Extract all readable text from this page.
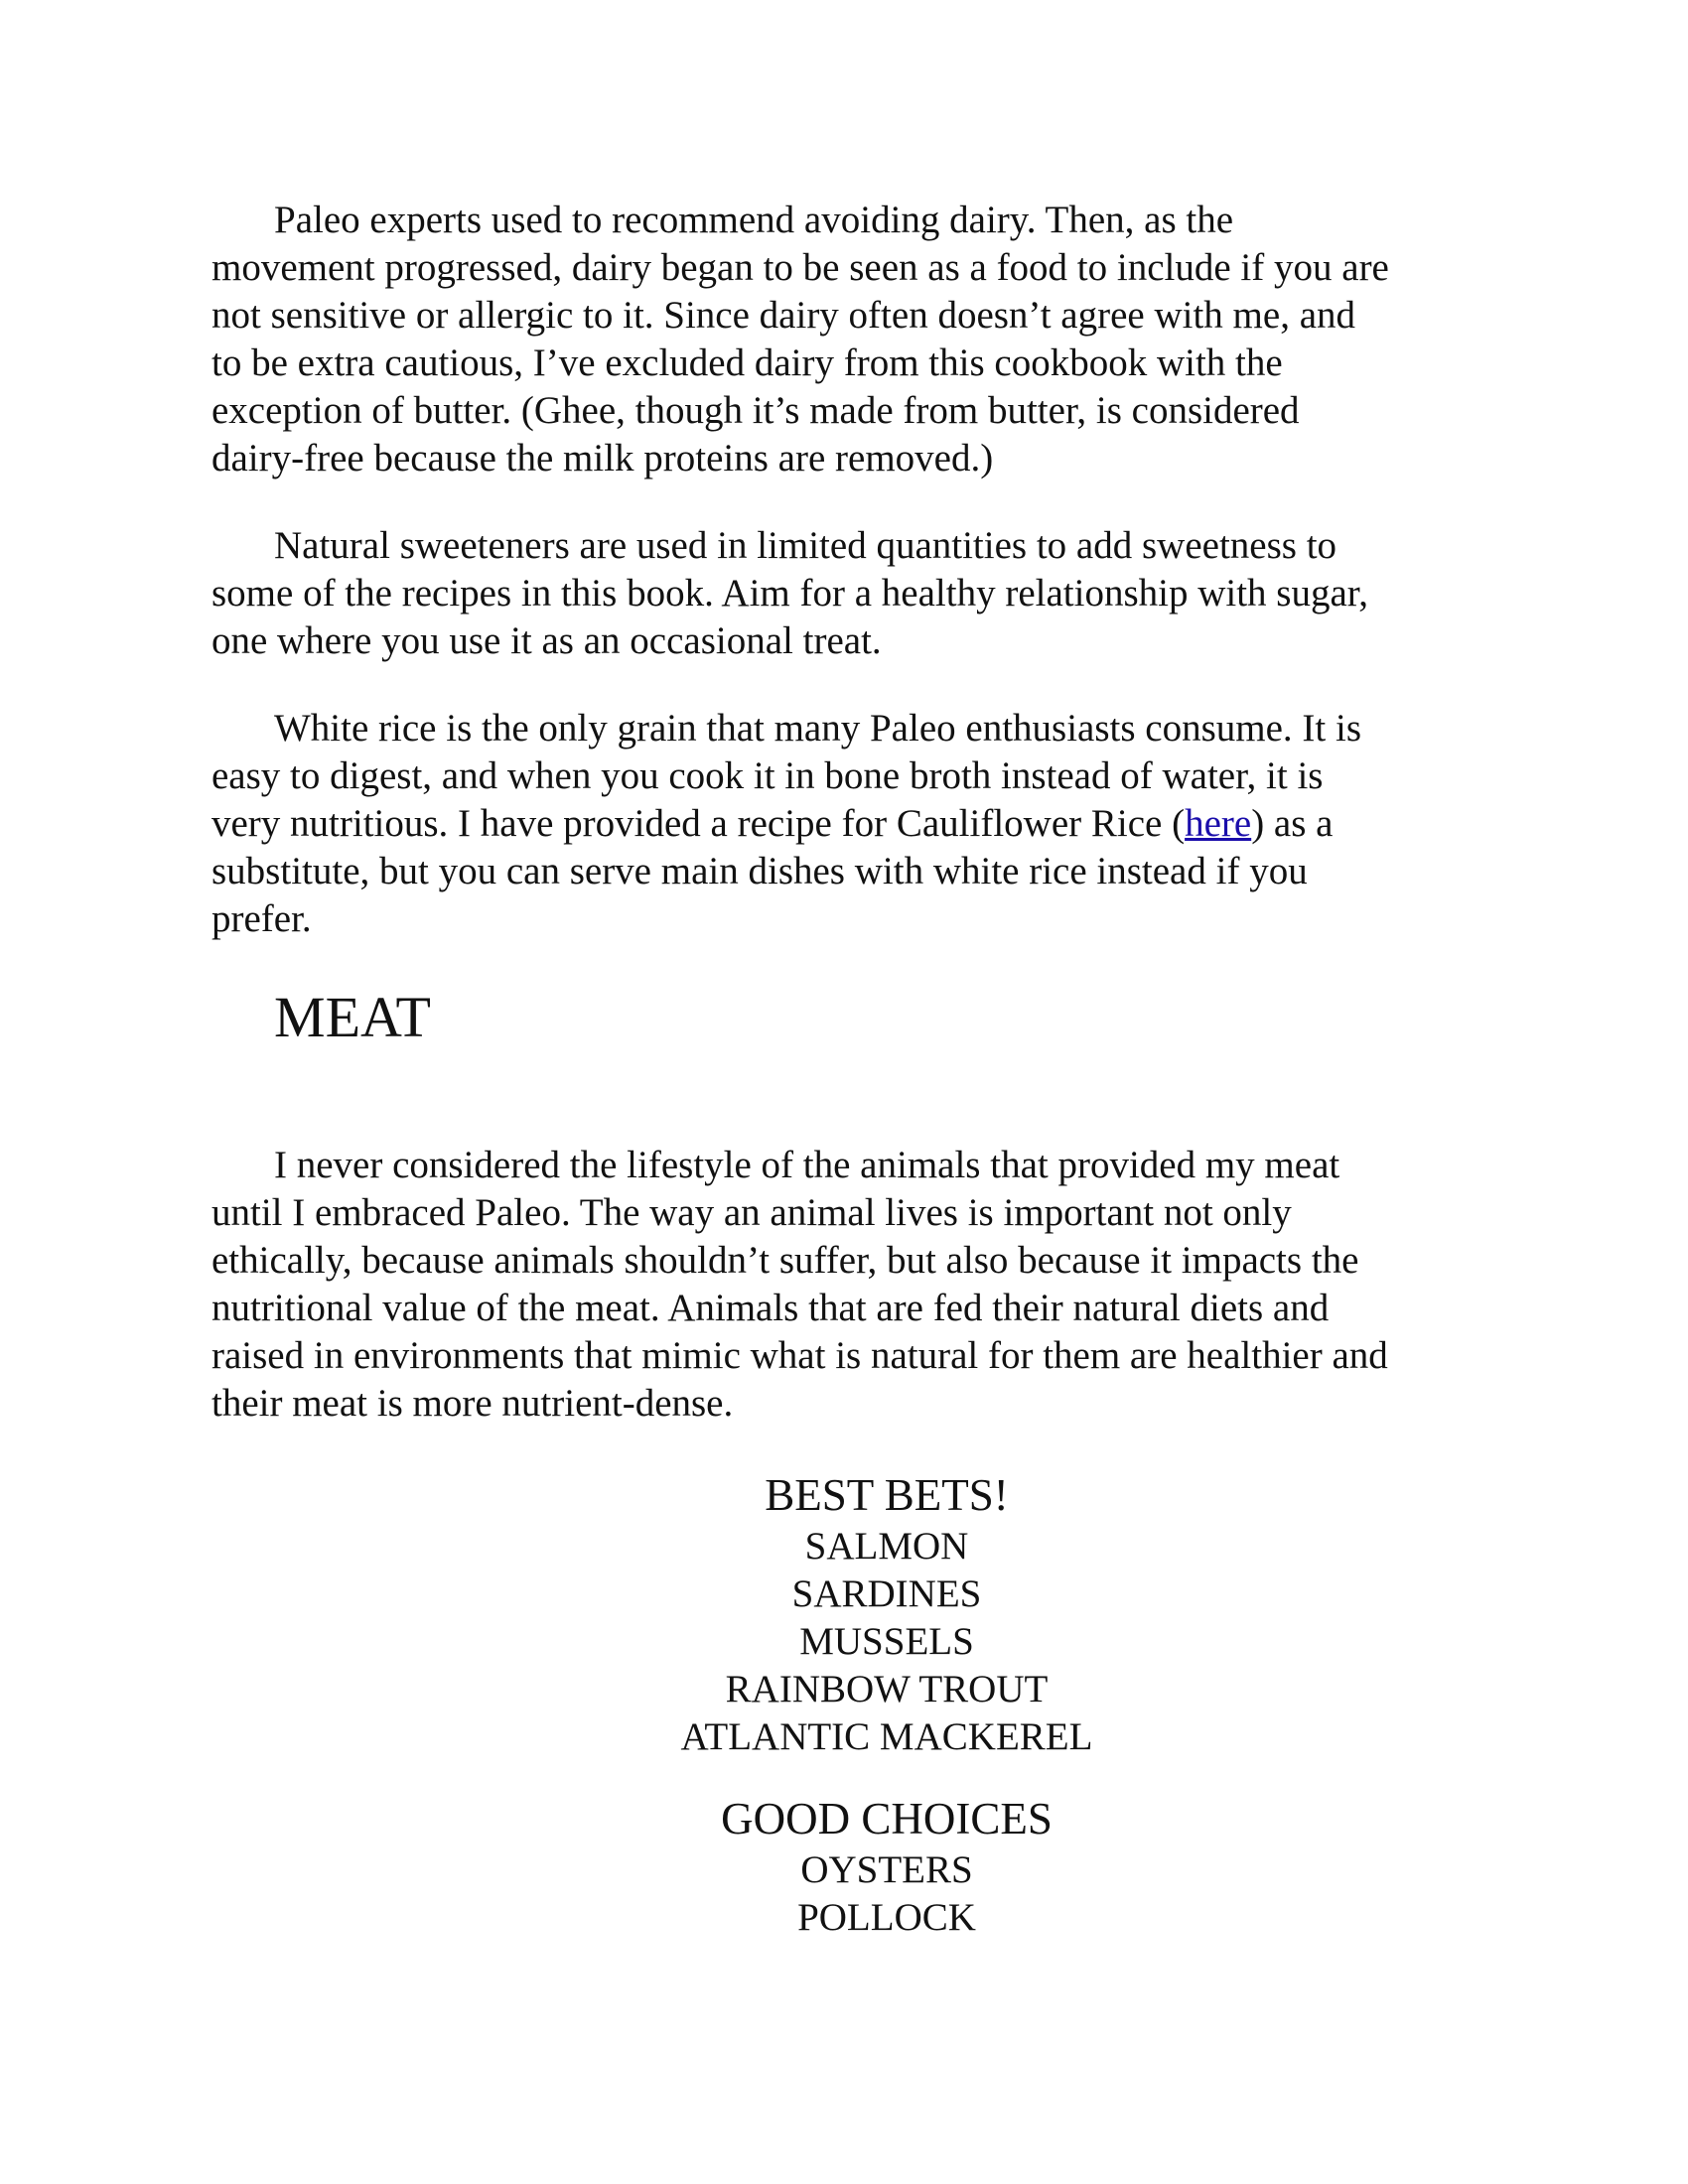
Paleo experts used to recommend avoiding dairy. Then, as the
movement progressed, dairy began to be seen as a food to include if you are
not sensitive or allergic to it. Since dairy often doesn’t agree with me, and
to be extra cautious, I’ve excluded dairy from this cookbook with the
exception of butter. (Ghee, though it’s made from butter, is considered
dairy-free because the milk proteins are removed.)

Natural sweeteners are used in limited quantities to add sweetness to
some of the recipes in this book. Aim for a healthy relationship with sugar,
one where you use it as an occasional treat.

White rice is the only grain that many Paleo enthusiasts consume. It is
easy to digest, and when you cook it in bone broth instead of water, it is
very nutritious. I have provided a recipe for Cauliflower Rice (here) as a
substitute, but you can serve main dishes with white rice instead if you
prefer.

MEAT

I never considered the lifestyle of the animals that provided my meat
until I embraced Paleo. The way an animal lives is important not only
ethically, because animals shouldn’t suffer, but also because it impacts the
nutritional value of the meat. Animals that are fed their natural diets and
raised in environments that mimic what is natural for them are healthier and
their meat is more nutrient-dense.

BEST BETS!

SALMON

SARDINES

MUSSELS

RAINBOW TROUT

ATLANTIC MACKEREL

GOOD CHOICES

OYSTERS

POLLOCK
